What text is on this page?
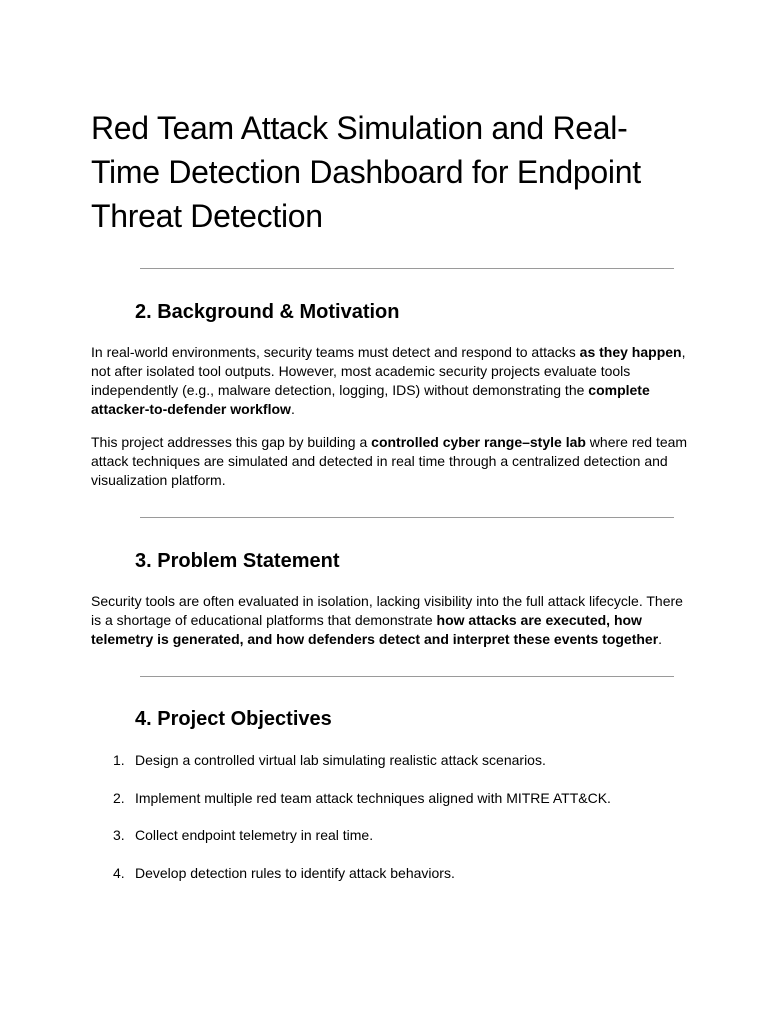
Red Team Attack Simulation and Real-Time Detection Dashboard for Endpoint Threat Detection
2. Background & Motivation

In real-world environments, security teams must detect and respond to attacks as they happen, not after isolated tool outputs. However, most academic security projects evaluate tools independently (e.g., malware detection, logging, IDS) without demonstrating the complete attacker-to-defender workflow.

This project addresses this gap by building a controlled cyber range–style lab where red team attack techniques are simulated and detected in real time through a centralized detection and visualization platform.

3. Problem Statement

Security tools are often evaluated in isolation, lacking visibility into the full attack lifecycle. There is a shortage of educational platforms that demonstrate how attacks are executed, how telemetry is generated, and how defenders detect and interpret these events together.

4. Project Objectives
1. Design a controlled virtual lab simulating realistic attack scenarios.
2. Implement multiple red team attack techniques aligned with MITRE ATT&CK.
3. Collect endpoint telemetry in real time.
4. Develop detection rules to identify attack behaviors.
